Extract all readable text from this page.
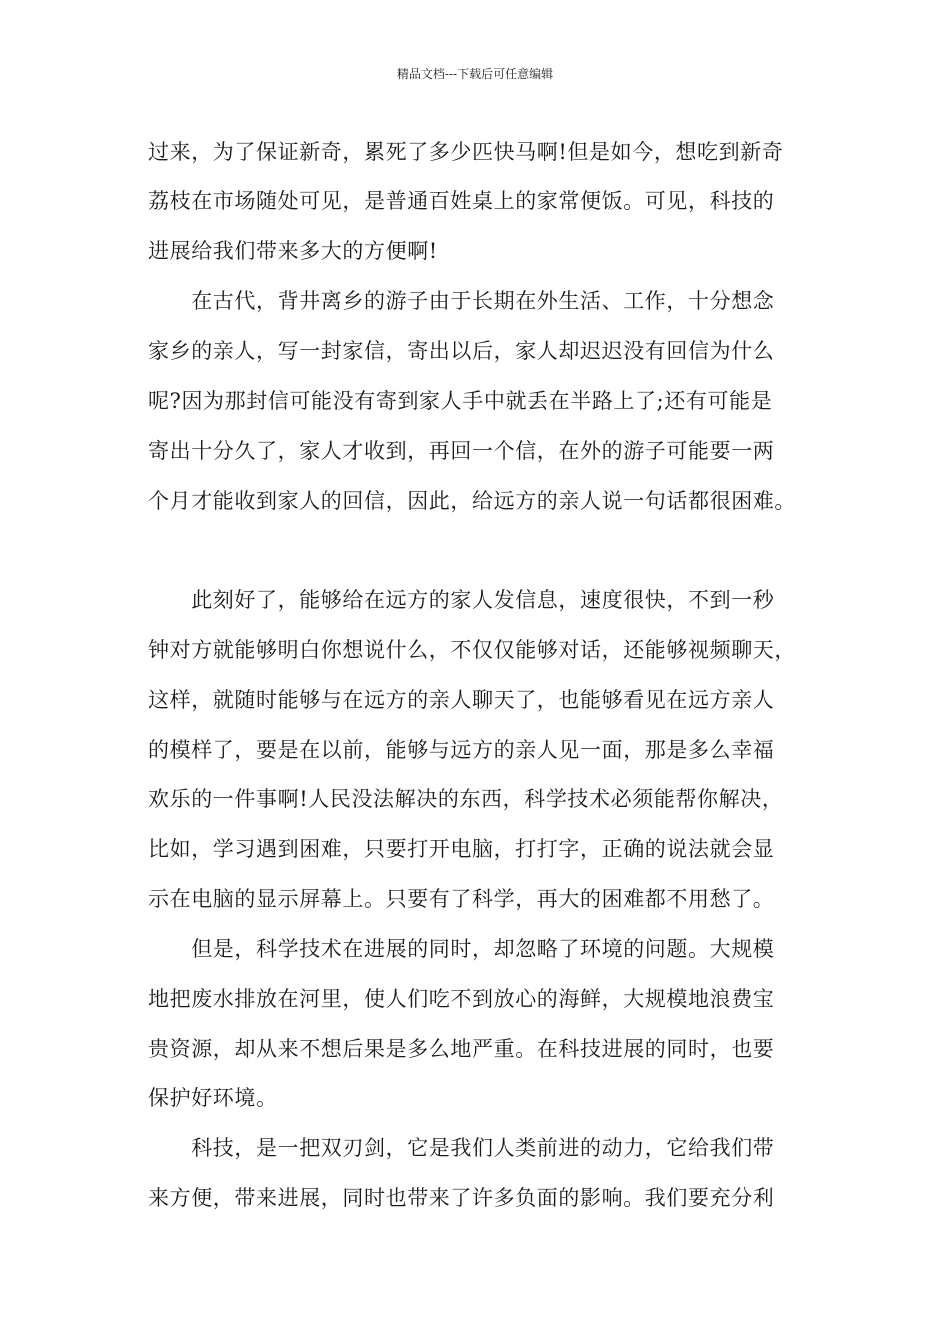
精品文档---下载后可任意编辑
过来，为了保证新奇，累死了多少匹快马啊!但是如今，想吃到新奇
荔枝在市场随处可见，是普通百姓桌上的家常便饭。可见，科技的
进展给我们带来多大的方便啊!
　　在古代，背井离乡的游子由于长期在外生活、工作，十分想念
家乡的亲人，写一封家信，寄出以后，家人却迟迟没有回信为什么
呢?因为那封信可能没有寄到家人手中就丢在半路上了;还有可能是
寄出十分久了，家人才收到，再回一个信，在外的游子可能要一两
个月才能收到家人的回信，因此，给远方的亲人说一句话都很困难。
　　此刻好了，能够给在远方的家人发信息，速度很快，不到一秒
钟对方就能够明白你想说什么，不仅仅能够对话，还能够视频聊天，
这样，就随时能够与在远方的亲人聊天了，也能够看见在远方亲人
的模样了，要是在以前，能够与远方的亲人见一面，那是多么幸福
欢乐的一件事啊!人民没法解决的东西，科学技术必须能帮你解决，
比如，学习遇到困难，只要打开电脑，打打字，正确的说法就会显
示在电脑的显示屏幕上。只要有了科学，再大的困难都不用愁了。
　　但是，科学技术在进展的同时，却忽略了环境的问题。大规模
地把废水排放在河里，使人们吃不到放心的海鲜，大规模地浪费宝
贵资源，却从来不想后果是多么地严重。在科技进展的同时，也要
保护好环境。
　　科技，是一把双刃剑，它是我们人类前进的动力，它给我们带
来方便，带来进展，同时也带来了许多负面的影响。我们要充分利
